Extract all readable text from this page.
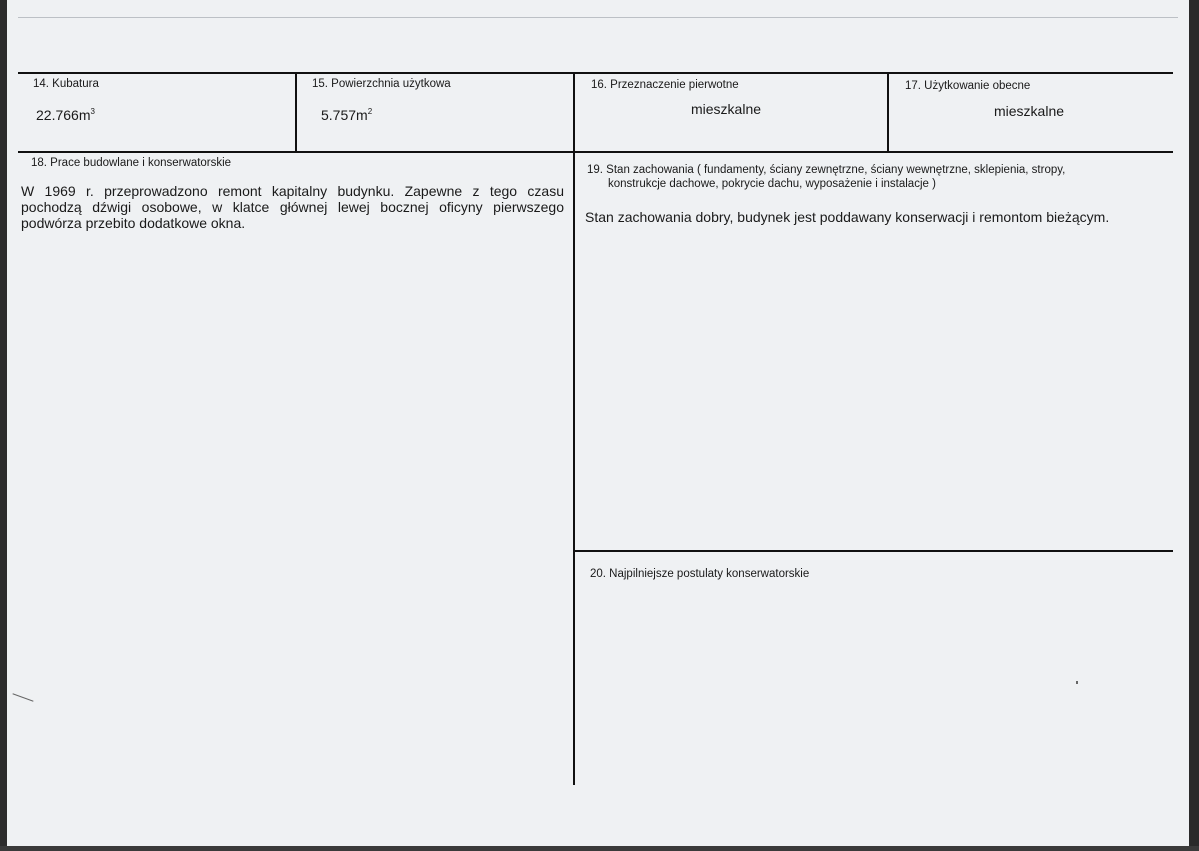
14. Kubatura
$22.766m^3$
15. Powierzchnia użytkowa
$5.757m^2$
16. Przeznaczenie pierwotne
mieszkalne
17. Użytkowanie obecne
mieszkalne
18. Prace budowlane i konserwatorskie
W 1969 r. przeprowadzono remont kapitalny budynku. Zapewne z tego czasu pochodzą dźwigi osobowe, w klatce głównej lewej bocznej oficyny pierwszego podwórza przebito dodatkowe okna.
19. Stan zachowania ( fundamenty, ściany zewnętrzne, ściany wewnętrzne, sklepienia, stropy,
konstrukcje dachowe, pokrycie dachu, wyposażenie i instalacje )
Stan zachowania dobry, budynek jest poddawany konserwacji i remontom bieżącym.
20. Najpilniejsze postulaty konserwatorskie
